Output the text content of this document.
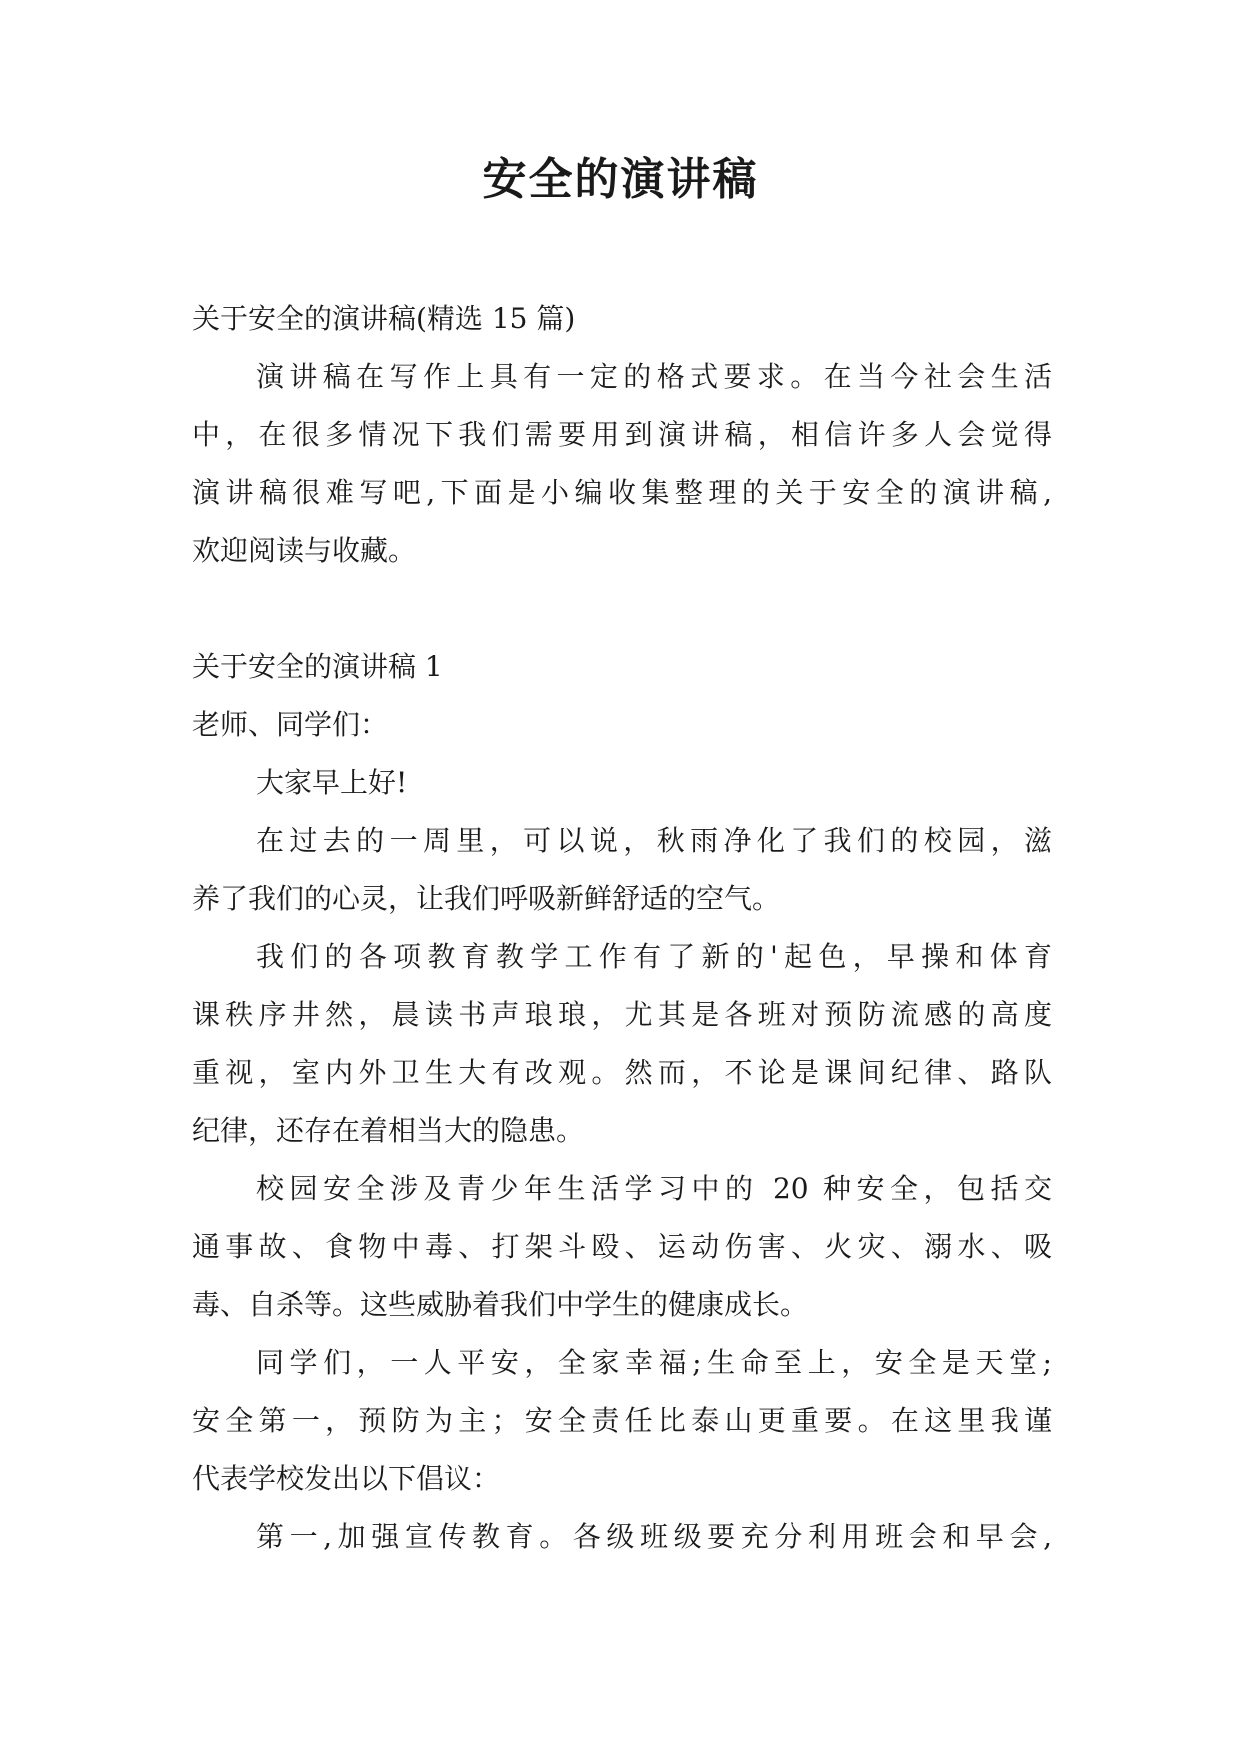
安全的演讲稿
关于安全的演讲稿(精选 15 篇)
演讲稿在写作上具有一定的格式要求。在当今社会生活
中，在很多情况下我们需要用到演讲稿，相信许多人会觉得
演讲稿很难写吧,下面是小编收集整理的关于安全的演讲稿,
欢迎阅读与收藏。
关于安全的演讲稿 1
老师、同学们：
大家早上好!
在过去的一周里，可以说，秋雨净化了我们的校园，滋
养了我们的心灵，让我们呼吸新鲜舒适的空气。
我们的各项教育教学工作有了新的'起色，早操和体育
课秩序井然，晨读书声琅琅，尤其是各班对预防流感的高度
重视，室内外卫生大有改观。然而，不论是课间纪律、路队
纪律，还存在着相当大的隐患。
校园安全涉及青少年生活学习中的 20 种安全，包括交
通事故、食物中毒、打架斗殴、运动伤害、火灾、溺水、吸
毒、自杀等。这些威胁着我们中学生的健康成长。
同学们，一人平安，全家幸福;生命至上，安全是天堂;
安全第一，预防为主；安全责任比泰山更重要。在这里我谨
代表学校发出以下倡议：
第一,加强宣传教育。各级班级要充分利用班会和早会,
